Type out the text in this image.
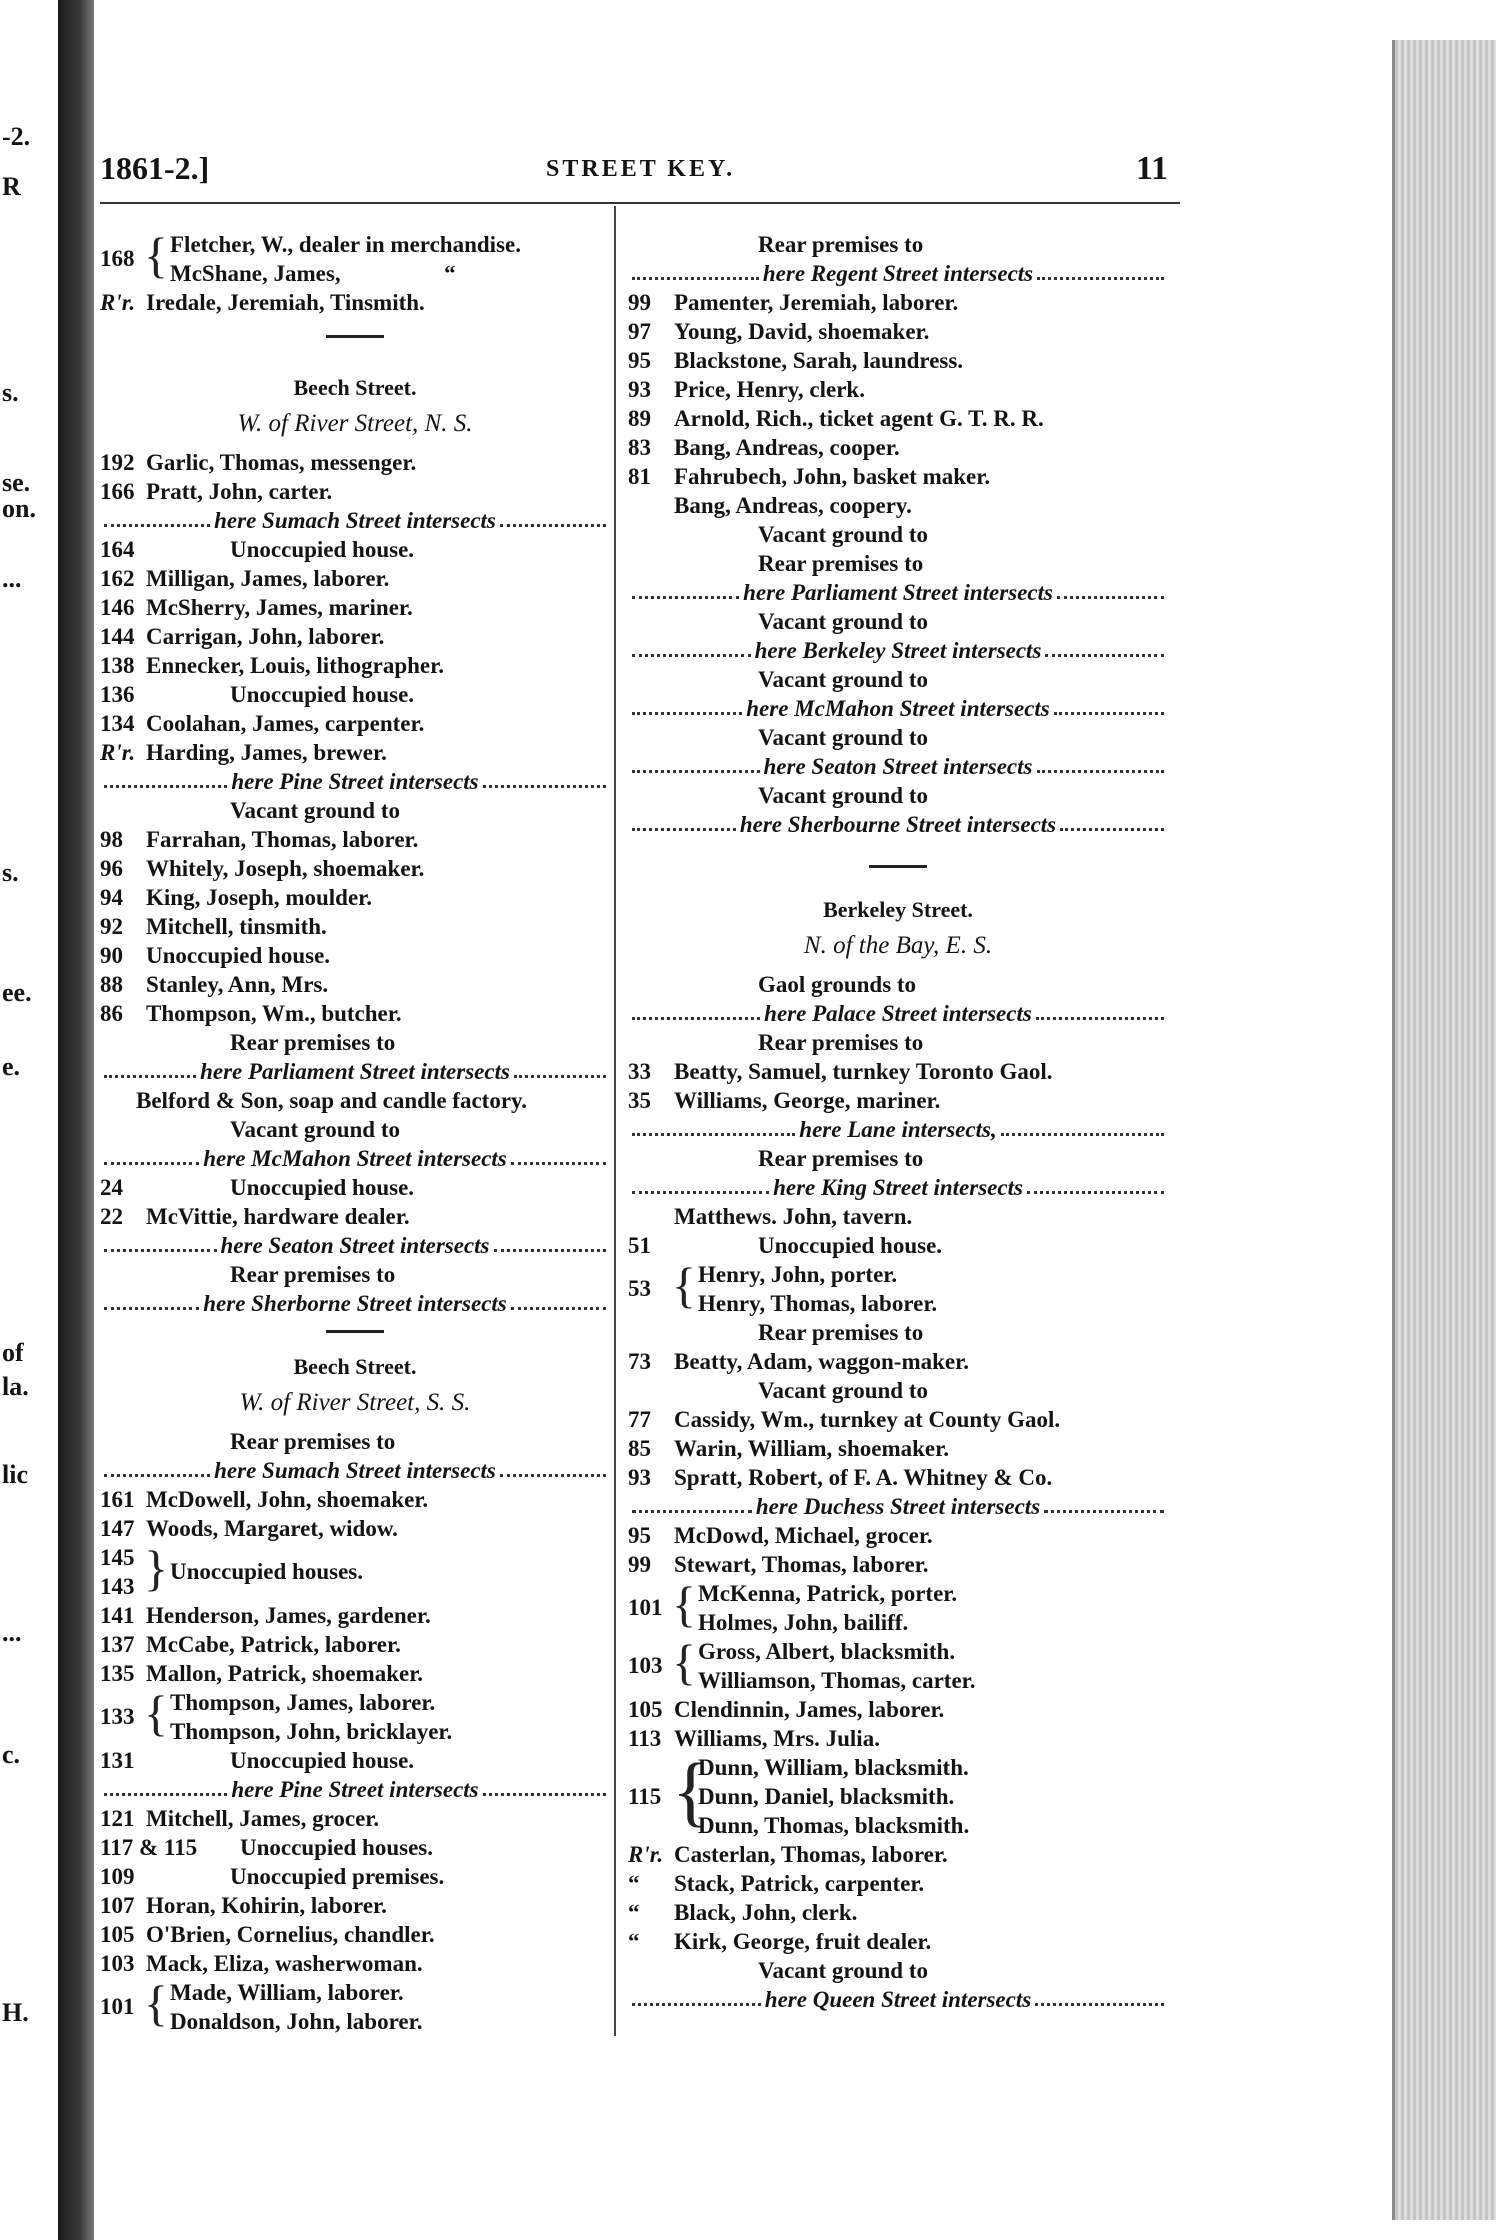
-2.
R
s.
se.
on.
...
s.
ee.
e.
of
la.
lic
...
c.
H.
1861-2.]	STREET KEY.	11
168 { Fletcher, W., dealer in merchandise.
McShane, James,                  “
R'r. Iredale, Jeremiah, Tinsmith.
Beech Street.
W. of River Street, N. S.
192 Garlic, Thomas, messenger.
166 Pratt, John, carter.
here Sumach Street intersects
164	Unoccupied house.
162 Milligan, James, laborer.
146 McSherry, James, mariner.
144 Carrigan, John, laborer.
138 Ennecker, Louis, lithographer.
136	Unoccupied house.
134 Coolahan, James, carpenter.
R'r. Harding, James, brewer.
here Pine Street intersects
Vacant ground to
98	Farrahan, Thomas, laborer.
96	Whitely, Joseph, shoemaker.
94	King, Joseph, moulder.
92	Mitchell, tinsmith.
90	Unoccupied house.
88	Stanley, Ann, Mrs.
86	Thompson, Wm., butcher.
Rear premises to
here Parliament Street intersects
Belford & Son, soap and candle factory.
Vacant ground to
here McMahon Street intersects
24	Unoccupied house.
22	McVittie, hardware dealer.
here Seaton Street intersects
Rear premises to
here Sherborne Street intersects
Beech Street.
W. of River Street, S. S.
Rear premises to
here Sumach Street intersects
161 McDowell, John, shoemaker.
147 Woods, Margaret, widow.
145
143 } Unoccupied houses.
141 Henderson, James, gardener.
137 McCabe, Patrick, laborer.
135 Mallon, Patrick, shoemaker.
133 { Thompson, James, laborer.
Thompson, John, bricklayer.
131	Unoccupied house.
here Pine Street intersects
121 Mitchell, James, grocer.
117 & 115	Unoccupied houses.
109	Unoccupied premises.
107 Horan, Kohirin, laborer.
105 O'Brien, Cornelius, chandler.
103 Mack, Eliza, washerwoman.
101 { Made, William, laborer.
Donaldson, John, laborer.
Rear premises to
here Regent Street intersects
99	Pamenter, Jeremiah, laborer.
97	Young, David, shoemaker.
95	Blackstone, Sarah, laundress.
93	Price, Henry, clerk.
89	Arnold, Rich., ticket agent G. T. R. R.
83	Bang, Andreas, cooper.
81	Fahrubech, John, basket maker.
Bang, Andreas, coopery.
Vacant ground to
Rear premises to
here Parliament Street intersects
Vacant ground to
here Berkeley Street intersects
Vacant ground to
here McMahon Street intersects
Vacant ground to
here Seaton Street intersects
Vacant ground to
here Sherbourne Street intersects
Berkeley Street.
N. of the Bay, E. S.
Gaol grounds to
here Palace Street intersects
Rear premises to
33	Beatty, Samuel, turnkey Toronto Gaol.
35	Williams, George, mariner.
here Lane intersects,
Rear premises to
here King Street intersects
Matthews. John, tavern.
51	Unoccupied house.
53 { Henry, John, porter.
Henry, Thomas, laborer.
Rear premises to
73	Beatty, Adam, waggon-maker.
Vacant ground to
77	Cassidy, Wm., turnkey at County Gaol.
85	Warin, William, shoemaker.
93	Spratt, Robert, of F. A. Whitney & Co.
here Duchess Street intersects
95	McDowd, Michael, grocer.
99	Stewart, Thomas, laborer.
101 { McKenna, Patrick, porter.
Holmes, John, bailiff.
103 { Gross, Albert, blacksmith.
Williamson, Thomas, carter.
105 Clendinnin, James, laborer.
113 Williams, Mrs. Julia.
115 {
Dunn, William, blacksmith.
Dunn, Daniel, blacksmith.
Dunn, Thomas, blacksmith.
R'r. Casterlan, Thomas, laborer.
“	Stack, Patrick, carpenter.
“	Black, John, clerk.
“	Kirk, George, fruit dealer.
Vacant ground to
here Queen Street intersects
